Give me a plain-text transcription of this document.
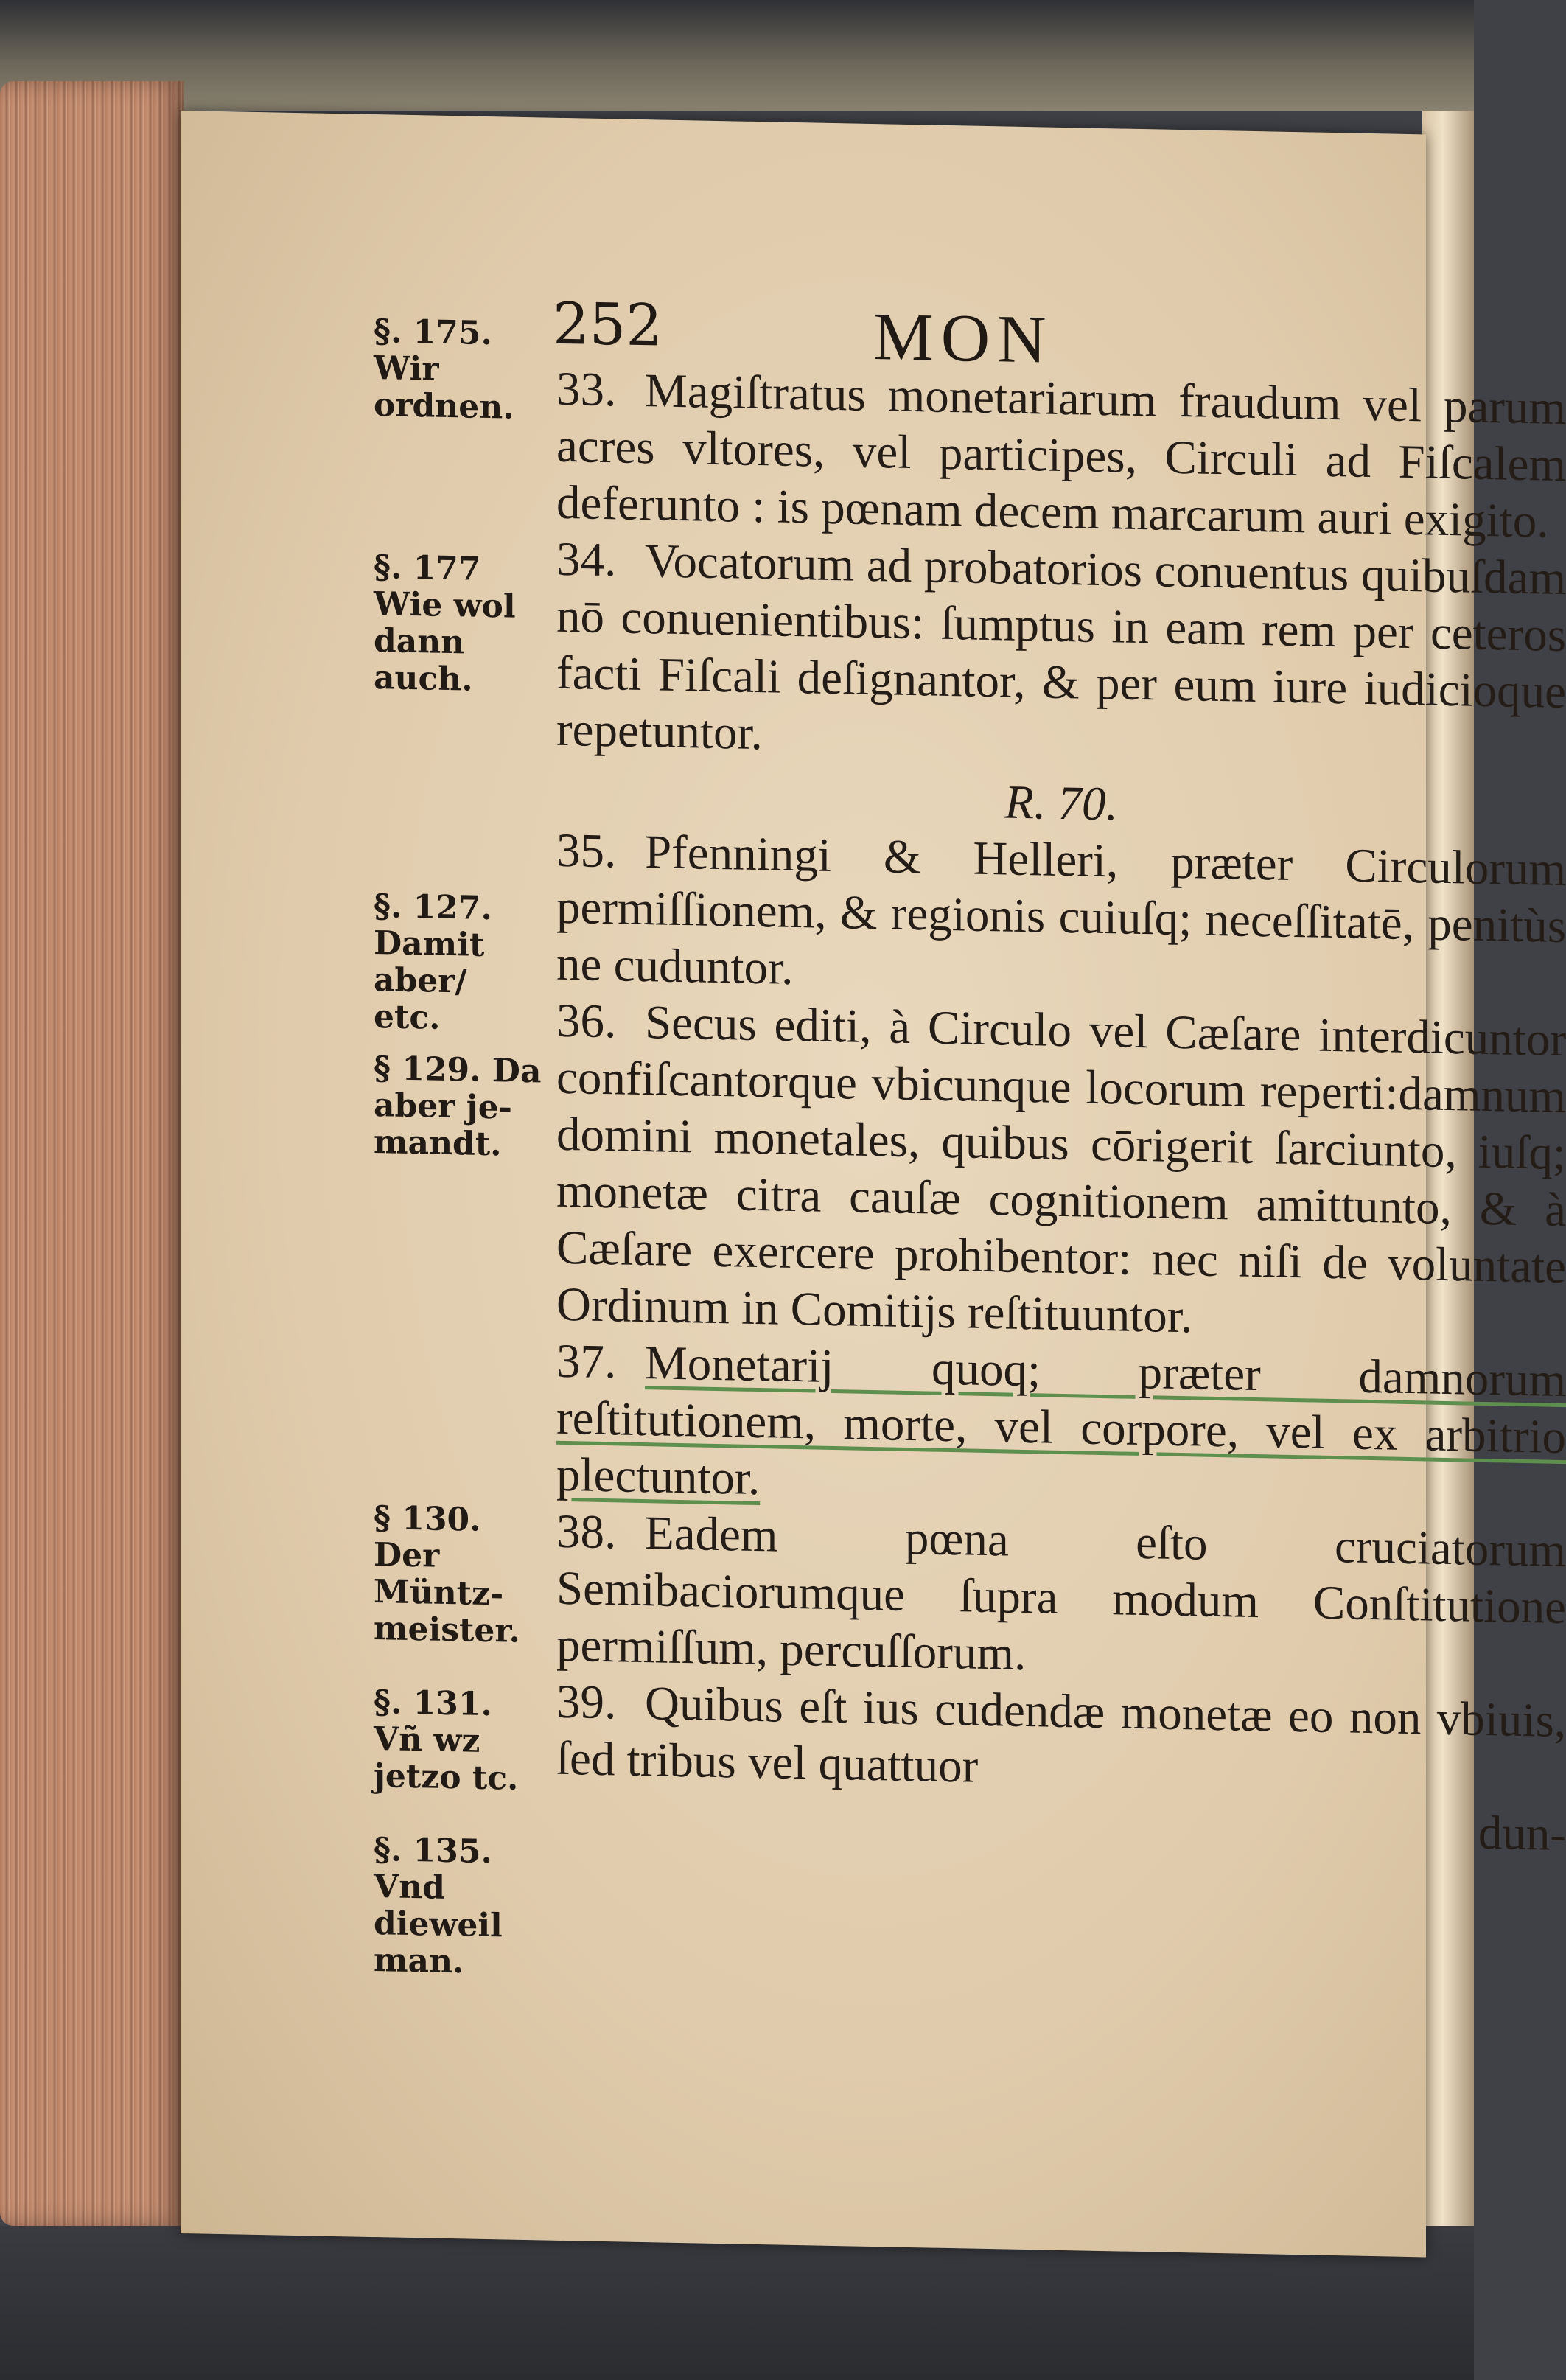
252	MON
§. 175. Wir ordnen.
§. 177 Wie wol dann auch.
§. 127. Damit aber/ etc.
§ 129. Da aber je- mandt.
§ 130. Der Müntz- meister.
§. 131. Vñ wz jetzo tc.
§. 135. Vnd dieweil man.

33. Magiſtratus monetariarum fraudum vel parum acres vltores, vel participes, Circuli ad Fiſcalem deferunto : is pœnam decem marcarum auri exigito.

34. Vocatorum ad probatorios conuentus quibuſdam nō conuenientibus: ſumptus in eam rem per ceteros facti Fiſcali deſignantor, & per eum iure iudicioque repetuntor.

R. 70.

35. Pfenningi & Helleri, præter Circulorum permiſſionem, & regionis cuiuſq; neceſſitatē, penitùs ne cuduntor.

36. Secus editi, à Circulo vel Cæſare interdicuntor confiſcantorque vbicunque locorum reperti:damnum domini monetales, quibus cōrigerit ſarciunto, iuſq; monetæ citra cauſæ cognitionem amittunto, & à Cæſare exercere prohibentor: nec niſi de voluntate Ordinum in Comitijs reſtituuntor.

37. Monetarij quoq; præter damnorum reſtitutionem, morte, vel corpore, vel ex arbitrio plectuntor.

38. Eadem pœna eſto cruciatorum Semibaciorumque ſupra modum Conſtitutione permiſſum, percuſſorum.

39. Quibus eſt ius cudendæ monetæ eo non vbiuis, ſed tribus vel quattuor

dun-
